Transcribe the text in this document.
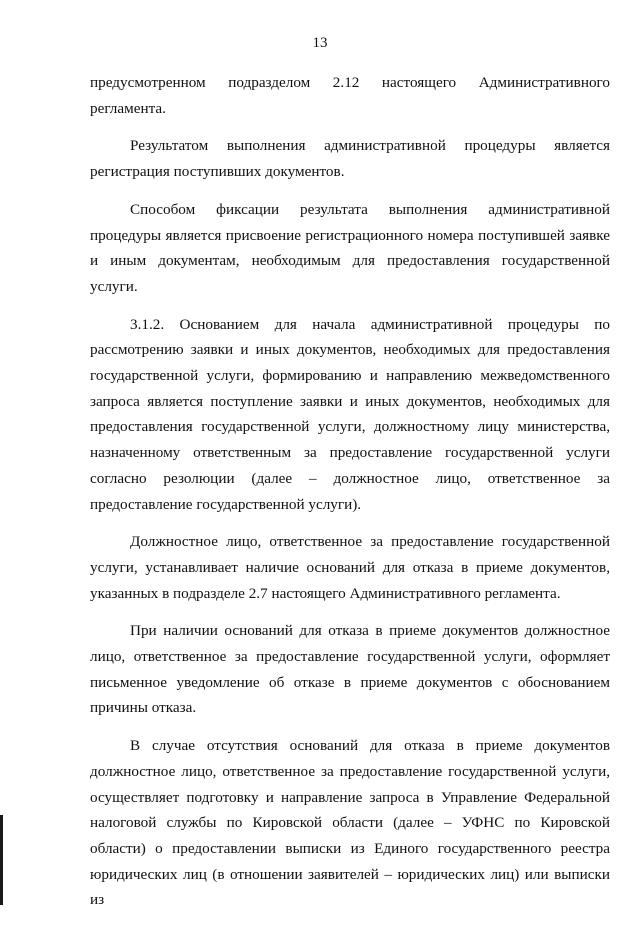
13

предусмотренном подразделом 2.12 настоящего Административного регламента.

Результатом выполнения административной процедуры является регистрация поступивших документов.

Способом фиксации результата выполнения административной процедуры является присвоение регистрационного номера поступившей заявке и иным документам, необходимым для предоставления государственной услуги.

3.1.2. Основанием для начала административной процедуры по рассмотрению заявки и иных документов, необходимых для предоставления государственной услуги, формированию и направлению межведомственного запроса является поступление заявки и иных документов, необходимых для предоставления государственной услуги, должностному лицу министерства, назначенному ответственным за предоставление государственной услуги согласно резолюции (далее – должностное лицо, ответственное за предоставление государственной услуги).

Должностное лицо, ответственное за предоставление государственной услуги, устанавливает наличие оснований для отказа в приеме документов, указанных в подразделе 2.7 настоящего Административного регламента.

При наличии оснований для отказа в приеме документов должностное лицо, ответственное за предоставление государственной услуги, оформляет письменное уведомление об отказе в приеме документов с обоснованием причины отказа.

В случае отсутствия оснований для отказа в приеме документов должностное лицо, ответственное за предоставление государственной услуги, осуществляет подготовку и направление запроса в Управление Федеральной налоговой службы по Кировской области (далее – УФНС по Кировской области) о предоставлении выписки из Единого государственного реестра юридических лиц (в отношении заявителей – юридических лиц) или выписки из
